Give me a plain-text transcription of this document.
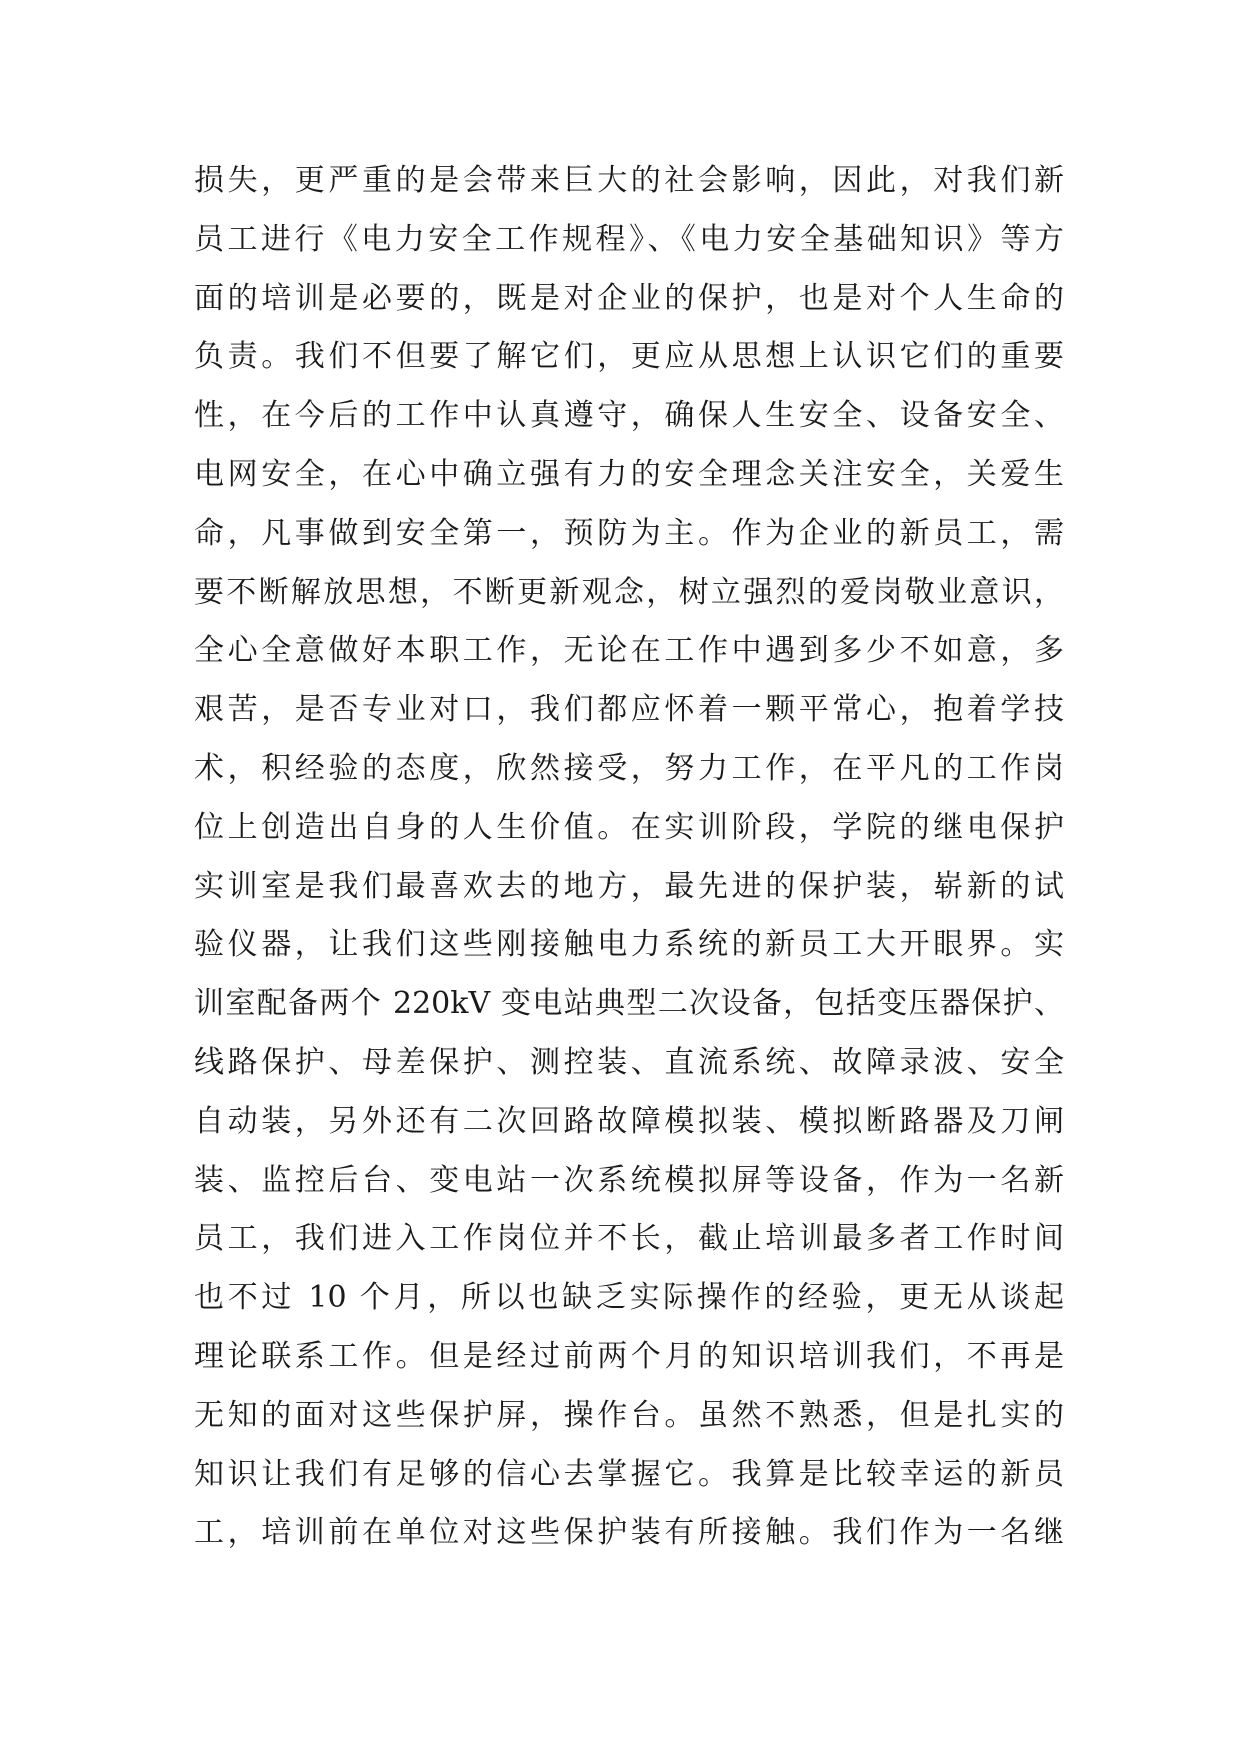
损失，更严重的是会带来巨大的社会影响，因此，对我们新
员工进行《电力安全工作规程》、《电力安全基础知识》等方
面的培训是必要的，既是对企业的保护，也是对个人生命的
负责。我们不但要了解它们，更应从思想上认识它们的重要
性，在今后的工作中认真遵守，确保人生安全、设备安全、
电网安全，在心中确立强有力的安全理念关注安全，关爱生
命，凡事做到安全第一，预防为主。作为企业的新员工，需
要不断解放思想，不断更新观念，树立强烈的爱岗敬业意识，
全心全意做好本职工作，无论在工作中遇到多少不如意，多
艰苦，是否专业对口，我们都应怀着一颗平常心，抱着学技
术，积经验的态度，欣然接受，努力工作，在平凡的工作岗
位上创造出自身的人生价值。在实训阶段，学院的继电保护
实训室是我们最喜欢去的地方，最先进的保护装，崭新的试
验仪器，让我们这些刚接触电力系统的新员工大开眼界。实
训室配备两个 220kV 变电站典型二次设备，包括变压器保护、
线路保护、母差保护、测控装、直流系统、故障录波、安全
自动装，另外还有二次回路故障模拟装、模拟断路器及刀闸
装、监控后台、变电站一次系统模拟屏等设备，作为一名新
员工，我们进入工作岗位并不长，截止培训最多者工作时间
也不过 10 个月，所以也缺乏实际操作的经验，更无从谈起
理论联系工作。但是经过前两个月的知识培训我们，不再是
无知的面对这些保护屏，操作台。虽然不熟悉，但是扎实的
知识让我们有足够的信心去掌握它。我算是比较幸运的新员
工，培训前在单位对这些保护装有所接触。我们作为一名继
